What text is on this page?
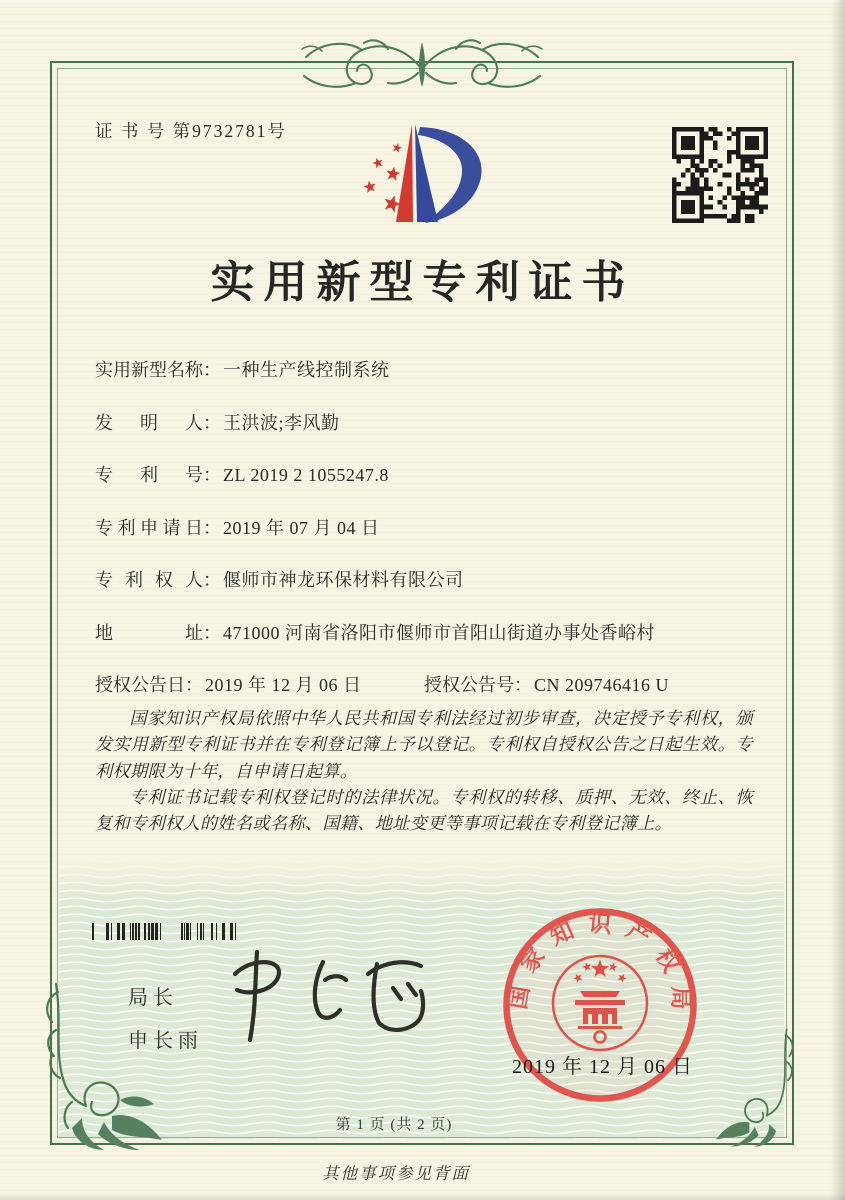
证 书 号 第9732781号
实用新型专利证书
实用新型名称： 一种生产线控制系统
发明人： 王洪波;李风勤
专利号： ZL 2019 2 1055247.8
专利申请日： 2019 年 07 月 04 日
专利权人： 偃师市神龙环保材料有限公司
地址： 471000 河南省洛阳市偃师市首阳山街道办事处香峪村
授权公告日： 2019 年 12 月 06 日	授权公告号： CN 209746416 U

国家知识产权局依照中华人民共和国专利法经过初步审查，决定授予专利权，颁发实用新型专利证书并在专利登记簿上予以登记。专利权自授权公告之日起生效。专利权期限为十年，自申请日起算。

专利证书记载专利权登记时的法律状况。专利权的转移、质押、无效、终止、恢复和专利权人的姓名或名称、国籍、地址变更等事项记载在专利登记簿上。

局长
申长雨
国家知识产权局
2019 年 12 月 06 日
第 1 页 (共 2 页)
其他事项参见背面
